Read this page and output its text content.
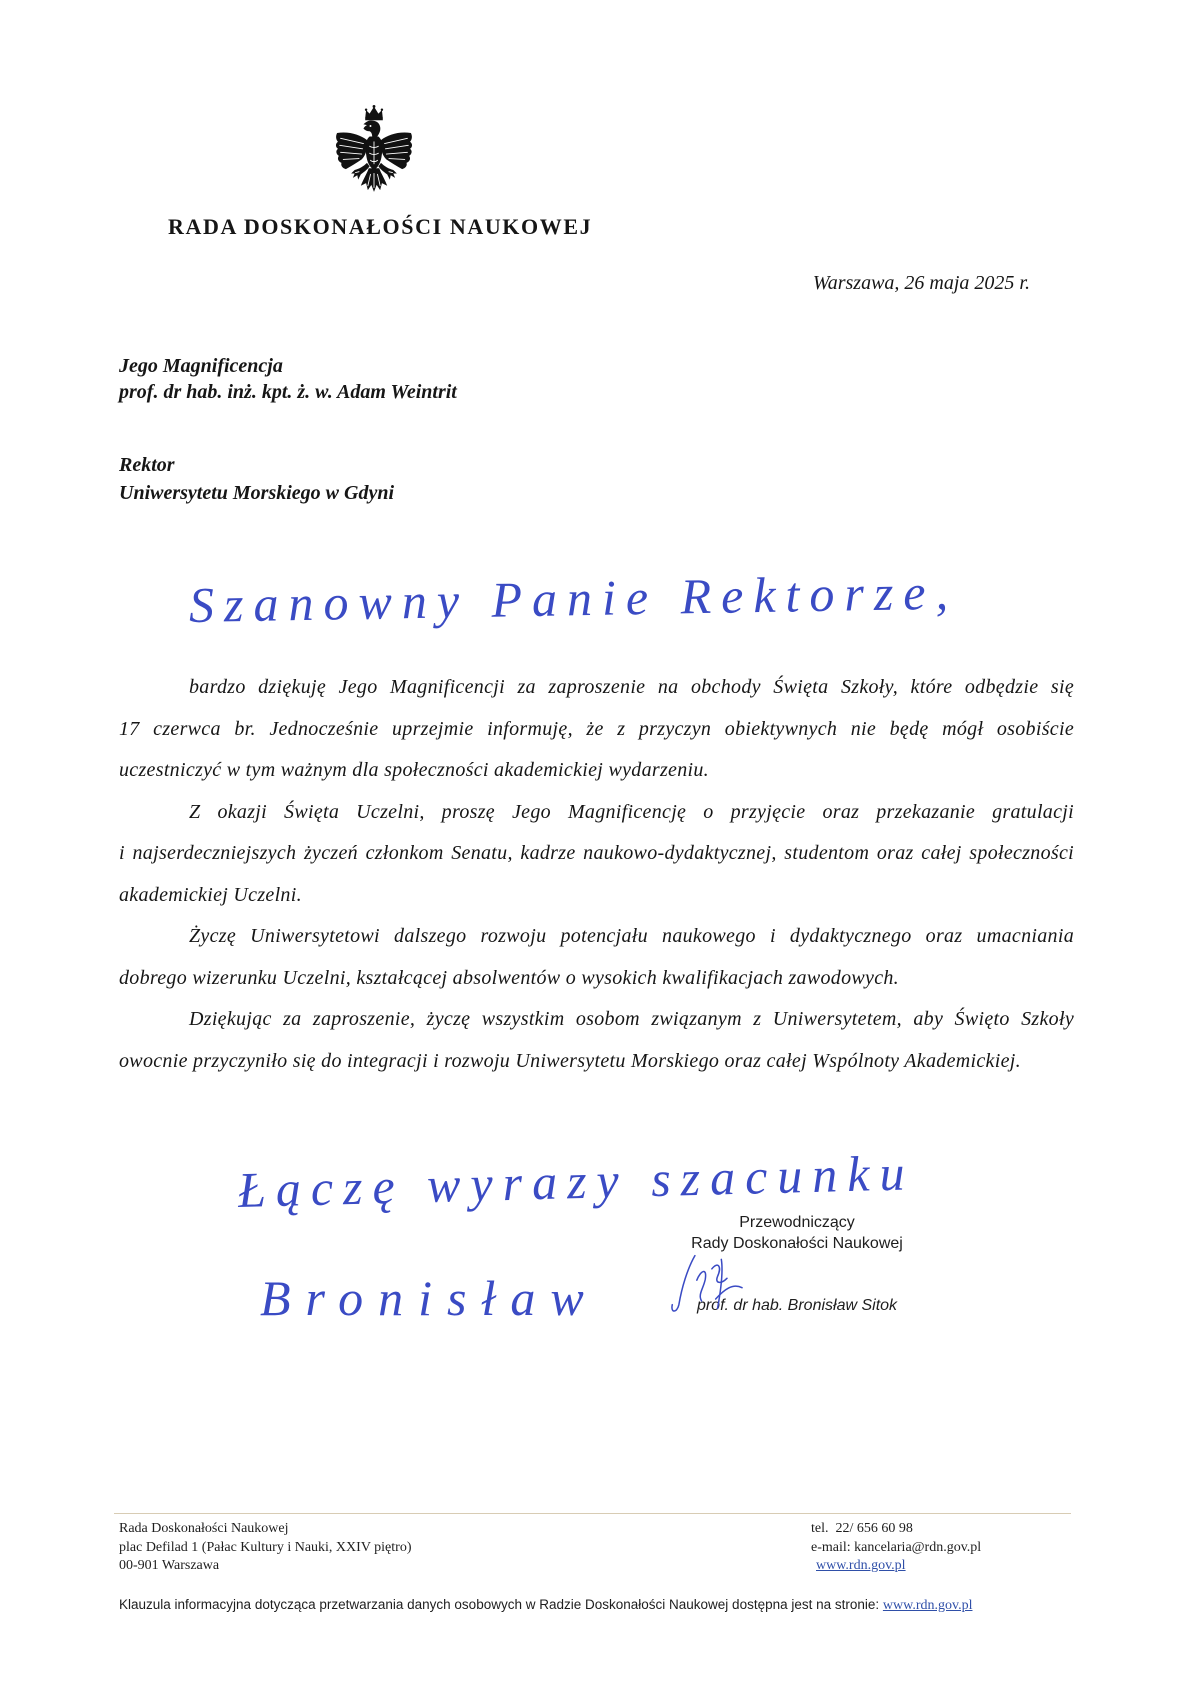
RADA DOSKONAŁOŚCI NAUKOWEJ
Warszawa, 26 maja 2025 r.
Jego Magnificencja
prof. dr hab. inż. kpt. ż. w. Adam Weintrit
Rektor
Uniwersytetu Morskiego w Gdyni
Szanowny Panie Rektorze,
bardzo dziękuję Jego Magnificencji za zaproszenie na obchody Święta Szkoły, które odbędzie się
17 czerwca br. Jednocześnie uprzejmie informuję, że z przyczyn obiektywnych nie będę mógł osobiście
uczestniczyć w tym ważnym dla społeczności akademickiej wydarzeniu.
Z okazji Święta Uczelni, proszę Jego Magnificencję o przyjęcie oraz przekazanie gratulacji
i najserdeczniejszych życzeń członkom Senatu, kadrze naukowo-dydaktycznej, studentom oraz całej społeczności
akademickiej Uczelni.
Życzę Uniwersytetowi dalszego rozwoju potencjału naukowego i dydaktycznego oraz umacniania
dobrego wizerunku Uczelni, kształcącej absolwentów o wysokich kwalifikacjach zawodowych.
Dziękując za zaproszenie, życzę wszystkim osobom związanym z Uniwersytetem, aby Święto Szkoły
owocnie przyczyniło się do integracji i rozwoju Uniwersytetu Morskiego oraz całej Wspólnoty Akademickiej.
Łączę wyrazy szacunku
Bronisław
Przewodniczący
Rady Doskonałości Naukowej
prof. dr hab. Bronisław Sitok
Rada Doskonałości Naukowej
plac Defilad 1 (Pałac Kultury i Nauki, XXIV piętro)
00-901 Warszawa
tel.  22/ 656 60 98
e-mail: kancelaria@rdn.gov.pl
www.rdn.gov.pl
Klauzula informacyjna dotycząca przetwarzania danych osobowych w Radzie Doskonałości Naukowej dostępna jest na stronie: www.rdn.gov.pl
